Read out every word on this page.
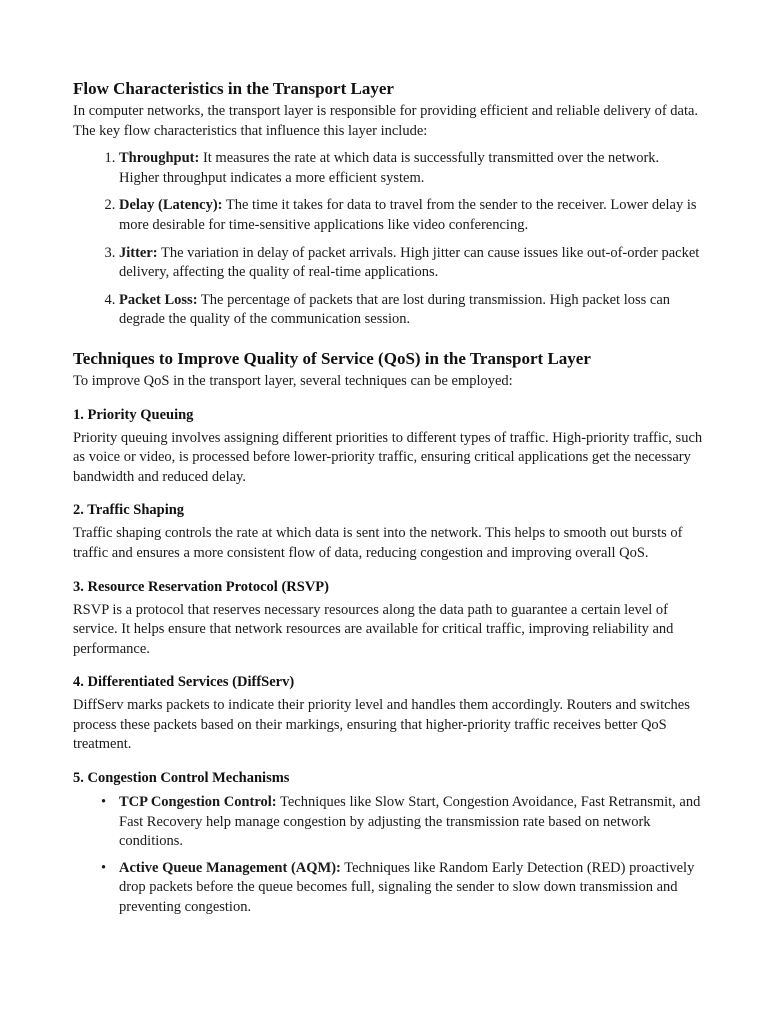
Flow Characteristics in the Transport Layer

In computer networks, the transport layer is responsible for providing efficient and reliable delivery of data. The key flow characteristics that influence this layer include:

1. Throughput: It measures the rate at which data is successfully transmitted over the network. Higher throughput indicates a more efficient system.
2. Delay (Latency): The time it takes for data to travel from the sender to the receiver. Lower delay is more desirable for time-sensitive applications like video conferencing.
3. Jitter: The variation in delay of packet arrivals. High jitter can cause issues like out-of-order packet delivery, affecting the quality of real-time applications.
4. Packet Loss: The percentage of packets that are lost during transmission. High packet loss can degrade the quality of the communication session.
Techniques to Improve Quality of Service (QoS) in the Transport Layer

To improve QoS in the transport layer, several techniques can be employed:

1. Priority Queuing

Priority queuing involves assigning different priorities to different types of traffic. High-priority traffic, such as voice or video, is processed before lower-priority traffic, ensuring critical applications get the necessary bandwidth and reduced delay.

2. Traffic Shaping

Traffic shaping controls the rate at which data is sent into the network. This helps to smooth out bursts of traffic and ensures a more consistent flow of data, reducing congestion and improving overall QoS.

3. Resource Reservation Protocol (RSVP)

RSVP is a protocol that reserves necessary resources along the data path to guarantee a certain level of service. It helps ensure that network resources are available for critical traffic, improving reliability and performance.

4. Differentiated Services (DiffServ)

DiffServ marks packets to indicate their priority level and handles them accordingly. Routers and switches process these packets based on their markings, ensuring that higher-priority traffic receives better QoS treatment.

5. Congestion Control Mechanisms
• TCP Congestion Control: Techniques like Slow Start, Congestion Avoidance, Fast Retransmit, and Fast Recovery help manage congestion by adjusting the transmission rate based on network conditions.
• Active Queue Management (AQM): Techniques like Random Early Detection (RED) proactively drop packets before the queue becomes full, signaling the sender to slow down transmission and preventing congestion.
